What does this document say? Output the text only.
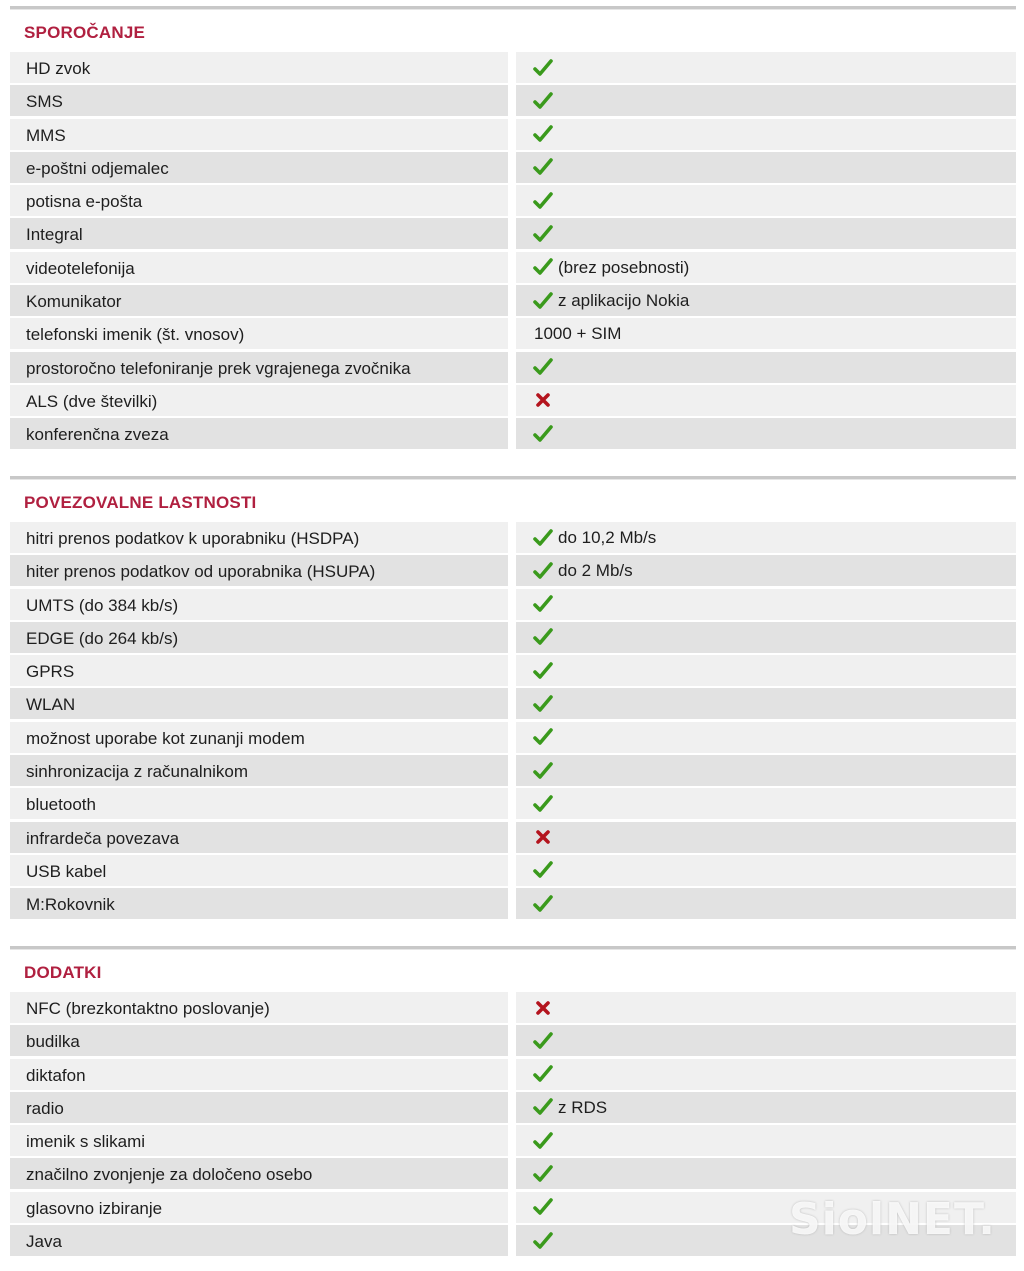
SPOROČANJE
HD zvok
SMS
MMS
e-poštni odjemalec
potisna e-pošta
Integral
videotelefonija	(brez posebnosti)
Komunikator	z aplikacijo Nokia
telefonski imenik (št. vnosov)	1000 + SIM
prostoročno telefoniranje prek vgrajenega zvočnika
ALS (dve številki)
konferenčna zveza
POVEZOVALNE LASTNOSTI
hitri prenos podatkov k uporabniku (HSDPA)	do 10,2 Mb/s
hiter prenos podatkov od uporabnika (HSUPA)	do 2 Mb/s
UMTS (do 384 kb/s)
EDGE (do 264 kb/s)
GPRS
WLAN
možnost uporabe kot zunanji modem
sinhronizacija z računalnikom
bluetooth
infrardeča povezava
USB kabel
M:Rokovnik
DODATKI
NFC (brezkontaktno poslovanje)
budilka
diktafon
radio	z RDS
imenik s slikami
značilno zvonjenje za določeno osebo
glasovno izbiranje
Java	SiolNET.
